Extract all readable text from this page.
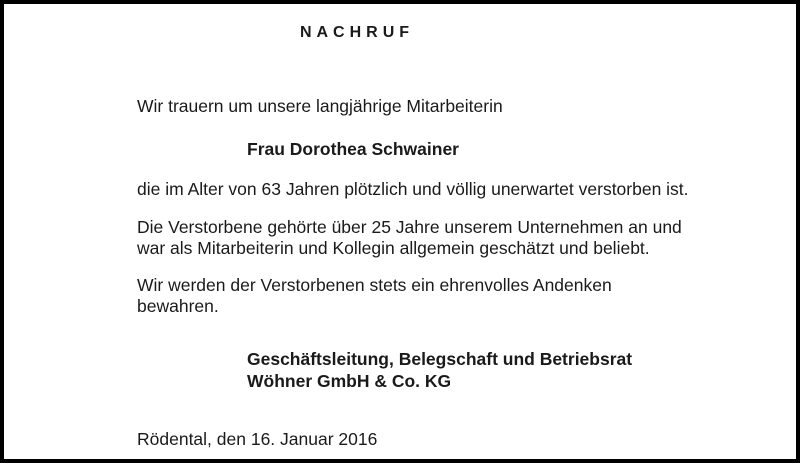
NACHRUF
Wir trauern um unsere langjährige Mitarbeiterin
Frau Dorothea Schwainer
die im Alter von 63 Jahren plötzlich und völlig unerwartet verstorben ist.
Die Verstorbene gehörte über 25 Jahre unserem Unternehmen an und
war als Mitarbeiterin und Kollegin allgemein geschätzt und beliebt.
Wir werden der Verstorbenen stets ein ehrenvolles Andenken
bewahren.
Geschäftsleitung, Belegschaft und Betriebsrat
Wöhner GmbH & Co. KG
Rödental, den 16. Januar 2016
